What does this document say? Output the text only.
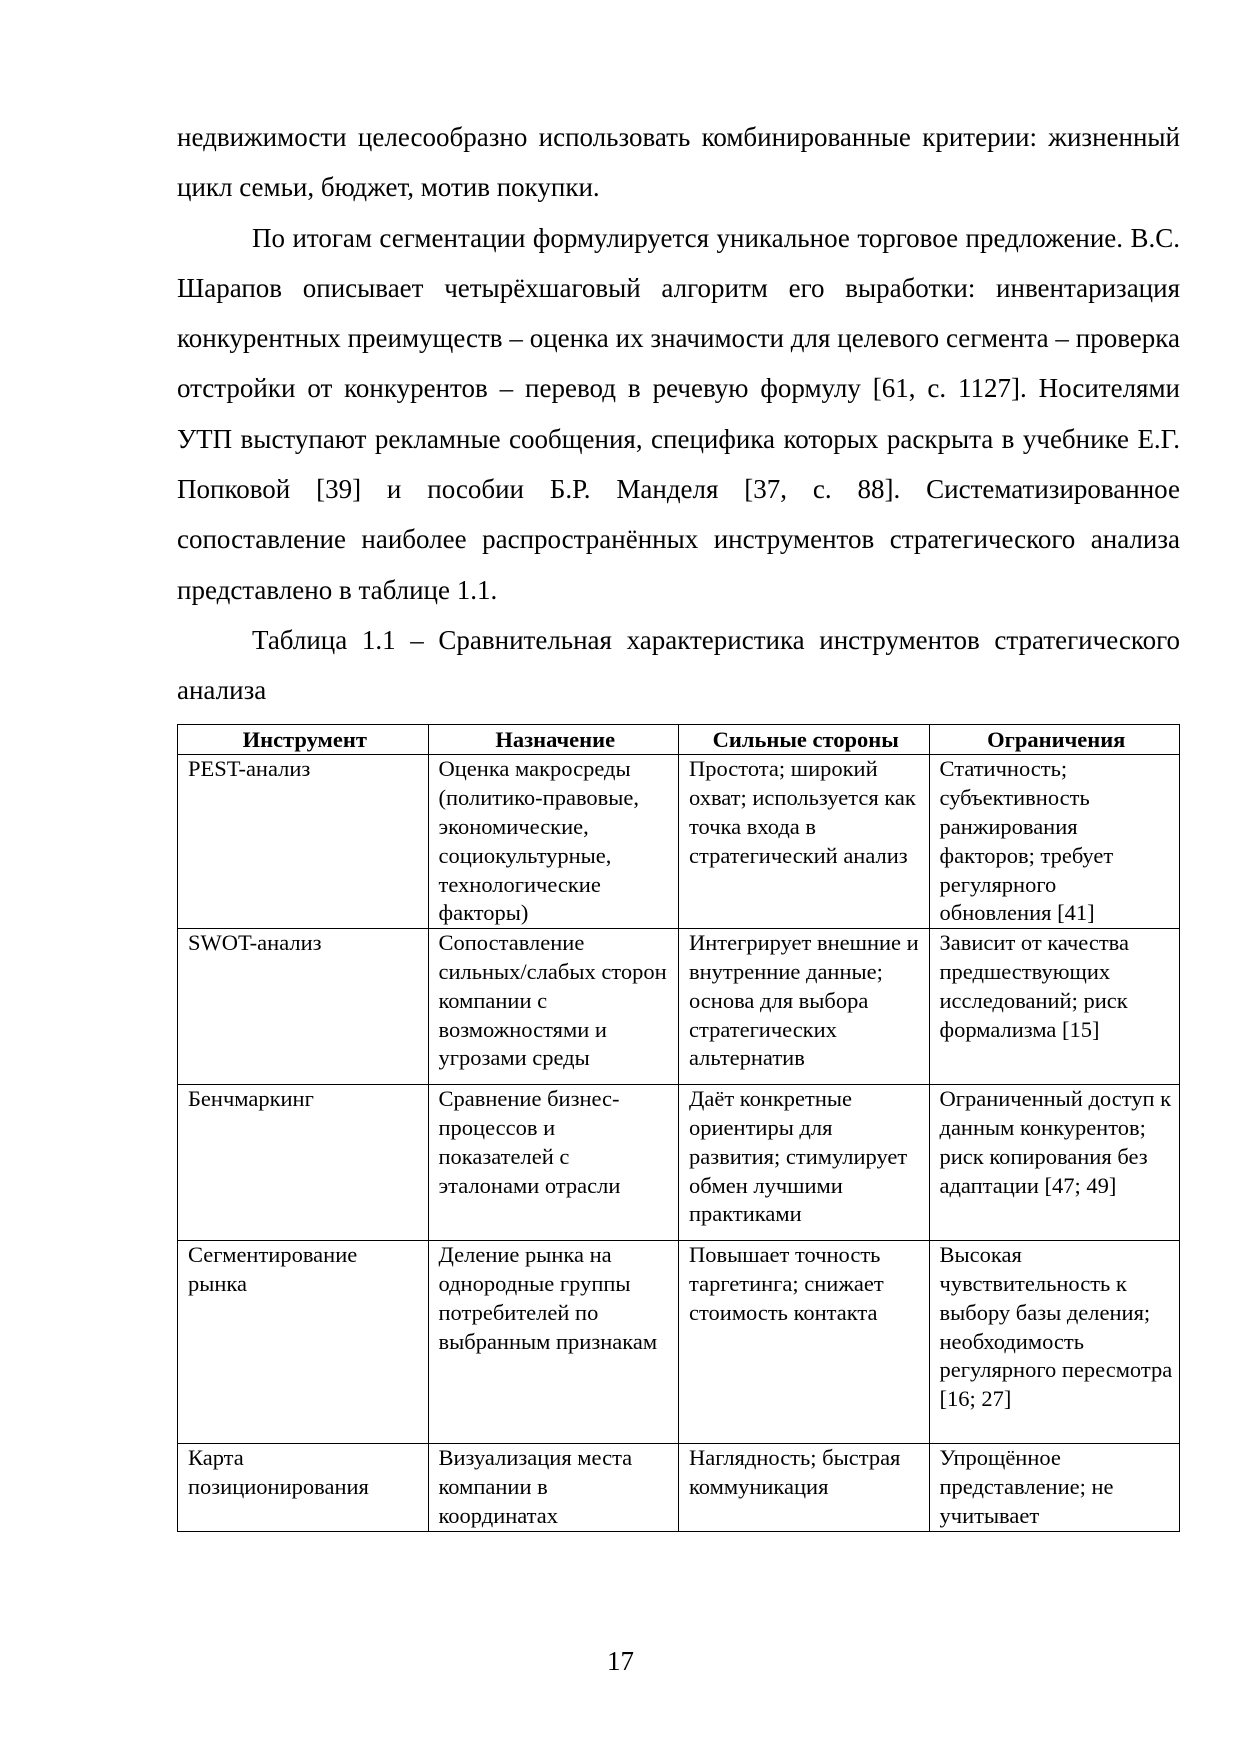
недвижимости целесообразно использовать комбинированные критерии: жизненный цикл семьи, бюджет, мотив покупки.

По итогам сегментации формулируется уникальное торговое предложение. В.С. Шарапов описывает четырёхшаговый алгоритм его выработки: инвентаризация конкурентных преимуществ – оценка их значимости для целевого сегмента – проверка отстройки от конкурентов – перевод в речевую формулу [61, с. 1127]. Носителями УТП выступают рекламные сообщения, специфика которых раскрыта в учебнике Е.Г. Попковой [39] и пособии Б.Р. Манделя [37, с. 88]. Систематизированное сопоставление наиболее распространённых инструментов стратегического анализа представлено в таблице 1.1.

Таблица 1.1 – Сравнительная характеристика инструментов стратегического анализа

Инструмент	Назначение	Сильные стороны	Ограничения
PEST-анализ	Оценка макросреды (политико-правовые, экономические, социокультурные, технологические факторы)	Простота; широкий охват; используется как точка входа в стратегический анализ	Статичность; субъективность ранжирования факторов; требует регулярного обновления [41]
SWOT-анализ	Сопоставление сильных/слабых сторон компании с возможностями и угрозами среды	Интегрирует внешние и внутренние данные; основа для выбора стратегических альтернатив	Зависит от качества предшествующих исследований; риск формализма [15]
Бенчмаркинг	Сравнение бизнес-процессов и показателей с эталонами отрасли	Даёт конкретные ориентиры для развития; стимулирует обмен лучшими практиками	Ограниченный доступ к данным конкурентов; риск копирования без адаптации [47; 49]
Сегментирование рынка	Деление рынка на однородные группы потребителей по выбранным признакам	Повышает точность таргетинга; снижает стоимость контакта	Высокая чувствительность к выбору базы деления; необходимость регулярного пересмотра [16; 27]
Карта позиционирования	Визуализация места компании в координатах	Наглядность; быстрая коммуникация	Упрощённое представление; не учитывает
17
